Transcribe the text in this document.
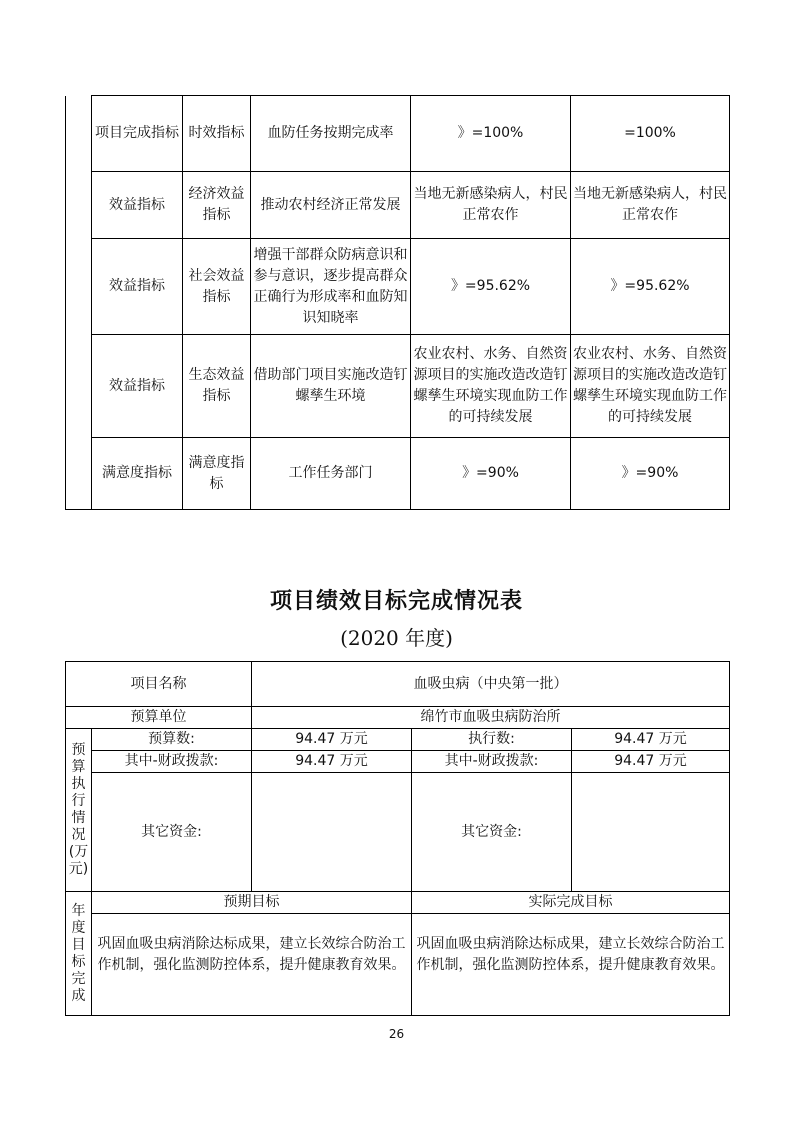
	项目完成指标	时效指标	血防任务按期完成率	》=100%	=100%
	效益指标	经济效益指标	推动农村经济正常发展	当地无新感染病人，村民正常农作	当地无新感染病人，村民正常农作
	效益指标	社会效益指标	增强干部群众防病意识和参与意识，逐步提高群众正确行为形成率和血防知识知晓率	》=95.62%	》=95.62%
	效益指标	生态效益指标	借助部门项目实施改造钉螺孳生环境	农业农村、水务、自然资源项目的实施改造改造钉螺孳生环境实现血防工作的可持续发展	农业农村、水务、自然资源项目的实施改造改造钉螺孳生环境实现血防工作的可持续发展
	满意度指标	满意度指标	工作任务部门	》=90%	》=90%
项目绩效目标完成情况表
(2020 年度)
项目名称		血吸虫病（中央第一批）		
预算单位		绵竹市血吸虫病防治所		
预算执行情况(万元)	预算数:	94.47 万元	执行数:	94.47 万元
	其中-财政拨款:	94.47 万元	其中-财政拨款:	94.47 万元
	其它资金:		其它资金:	
年度目标完成	预期目标		实际完成目标	
	巩固血吸虫病消除达标成果，建立长效综合防治工作机制，强化监测防控体系，提升健康教育效果。		巩固血吸虫病消除达标成果，建立长效综合防治工作机制，强化监测防控体系，提升健康教育效果。	
26
